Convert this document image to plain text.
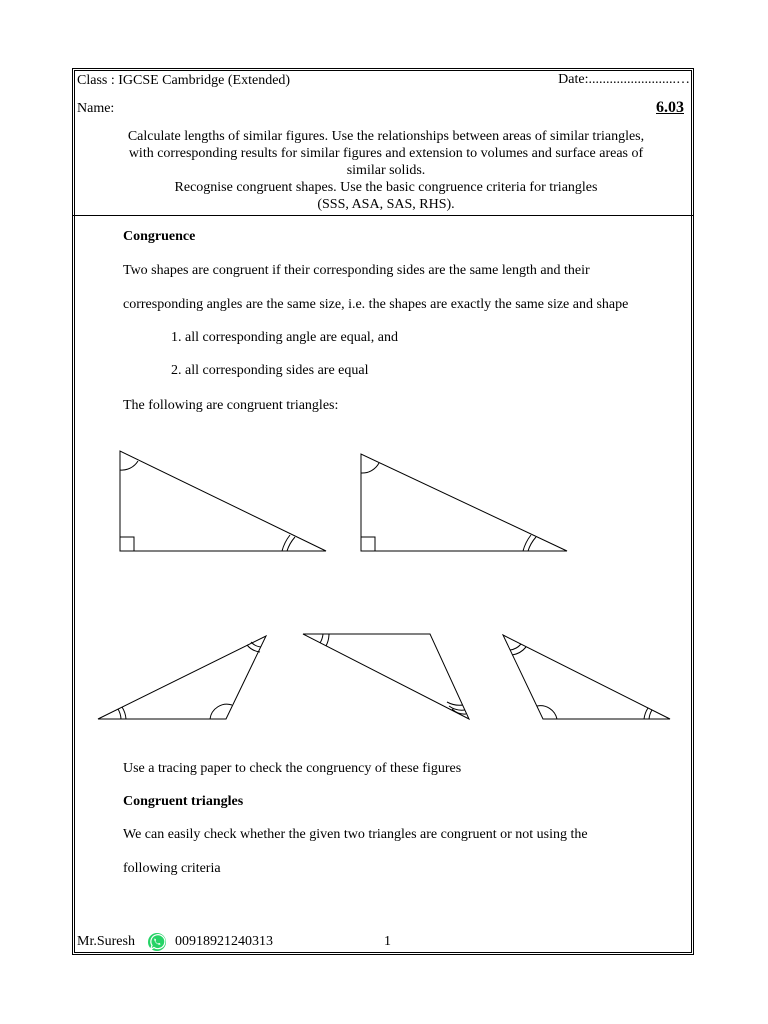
Class : IGCSE Cambridge (Extended)	Date:.........................…
Name:	6.03
Calculate lengths of similar figures. Use the relationships between areas of similar triangles,
with corresponding results for similar figures and extension to volumes and surface areas of
similar solids.
Recognise congruent shapes. Use the basic congruence criteria for triangles
(SSS, ASA, SAS, RHS).
Congruence
Two shapes are congruent if their corresponding sides are the same length and their
corresponding angles are the same size, i.e. the shapes are exactly the same size and shape
1. all corresponding angle are equal, and
2. all corresponding sides are equal
The following are congruent triangles:
Use a tracing paper to check the congruency of these figures
Congruent triangles
We can easily check whether the given two triangles are congruent or not using the
following criteria
Mr.Suresh	00918921240313	1
